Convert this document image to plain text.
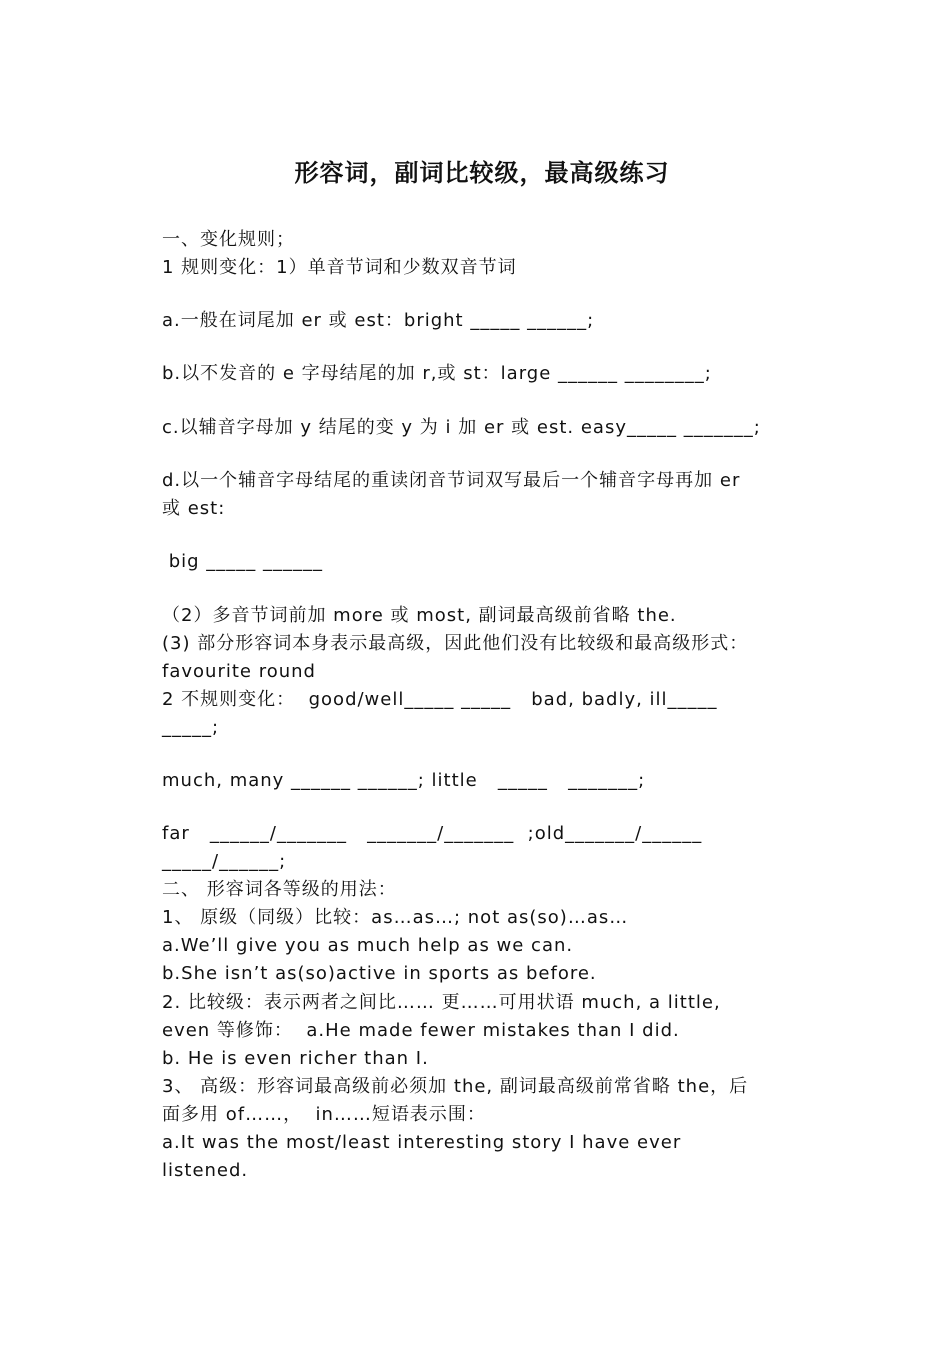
形容词，副词比较级，最高级练习
一、变化规则；
1 规则变化：1）单音节词和少数双音节词
a.一般在词尾加 er 或 est：bright _____ ______;
b.以不发音的 e 字母结尾的加 r,或 st：large ______ ________;
c.以辅音字母加 y 结尾的变 y 为 i 加 er 或 est. easy_____ _______;
d.以一个辅音字母结尾的重读闭音节词双写最后一个辅音字母再加 er
或 est:
big _____ ______
（2）多音节词前加 more 或 most, 副词最高级前省略 the.
(3) 部分形容词本身表示最高级，因此他们没有比较级和最高级形式：
favourite round
2 不规则变化：  good/well_____ _____   bad, badly, ill_____
_____;
much, many ______ ______; little   _____   _______;
far   ______/_______   _______/_______  ;old_______/______
_____/______;
二、 形容词各等级的用法：
1、 原级（同级）比较：as…as…; not as(so)…as…
a.We’ll give you as much help as we can.
b.She isn’t as(so)active in sports as before.
2. 比较级：表示两者之间比…… 更……可用状语 much, a little,
even 等修饰：  a.He made fewer mistakes than I did.
b. He is even richer than I.
3、 高级：形容词最高级前必须加 the, 副词最高级前常省略 the，后
面多用 of……，  in……短语表示围：
a.It was the most/least interesting story I have ever
listened.
